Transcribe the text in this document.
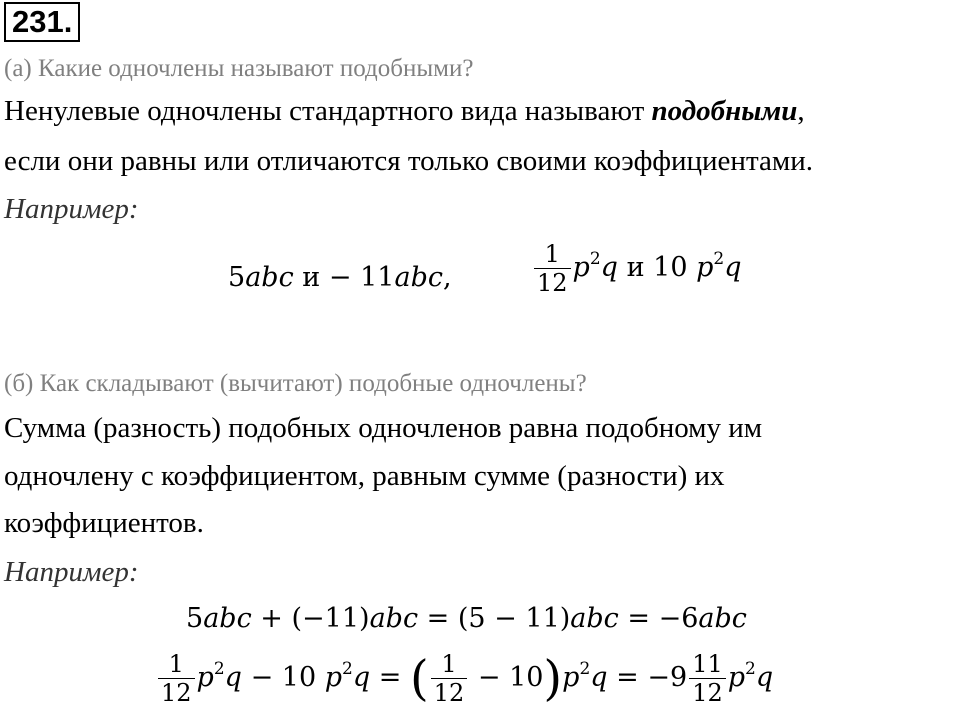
231.
(а) Какие одночлены называют подобными?
Ненулевые одночлены стандартного вида называют подобными,
если они равны или отличаются только своими коэффициентами.
Например:
5abc и − 11abc,	$\frac{1}{12} p^2q$ и 10 $p^2q$
(б) Как складывают (вычитают) подобные одночлены?
Сумма (разность) подобных одночленов равна подобному им
одночлену с коэффициентом, равным сумме (разности) их
коэффициентов.
Например:
5abc + (−11)abc = (5 − 11)abc = −6abc
$\frac{1}{12} p^2q - 10$ $p^2q$ = ( $\frac{1}{12} - 10)p^2q = -9 \frac{11}{12} p^2q$
